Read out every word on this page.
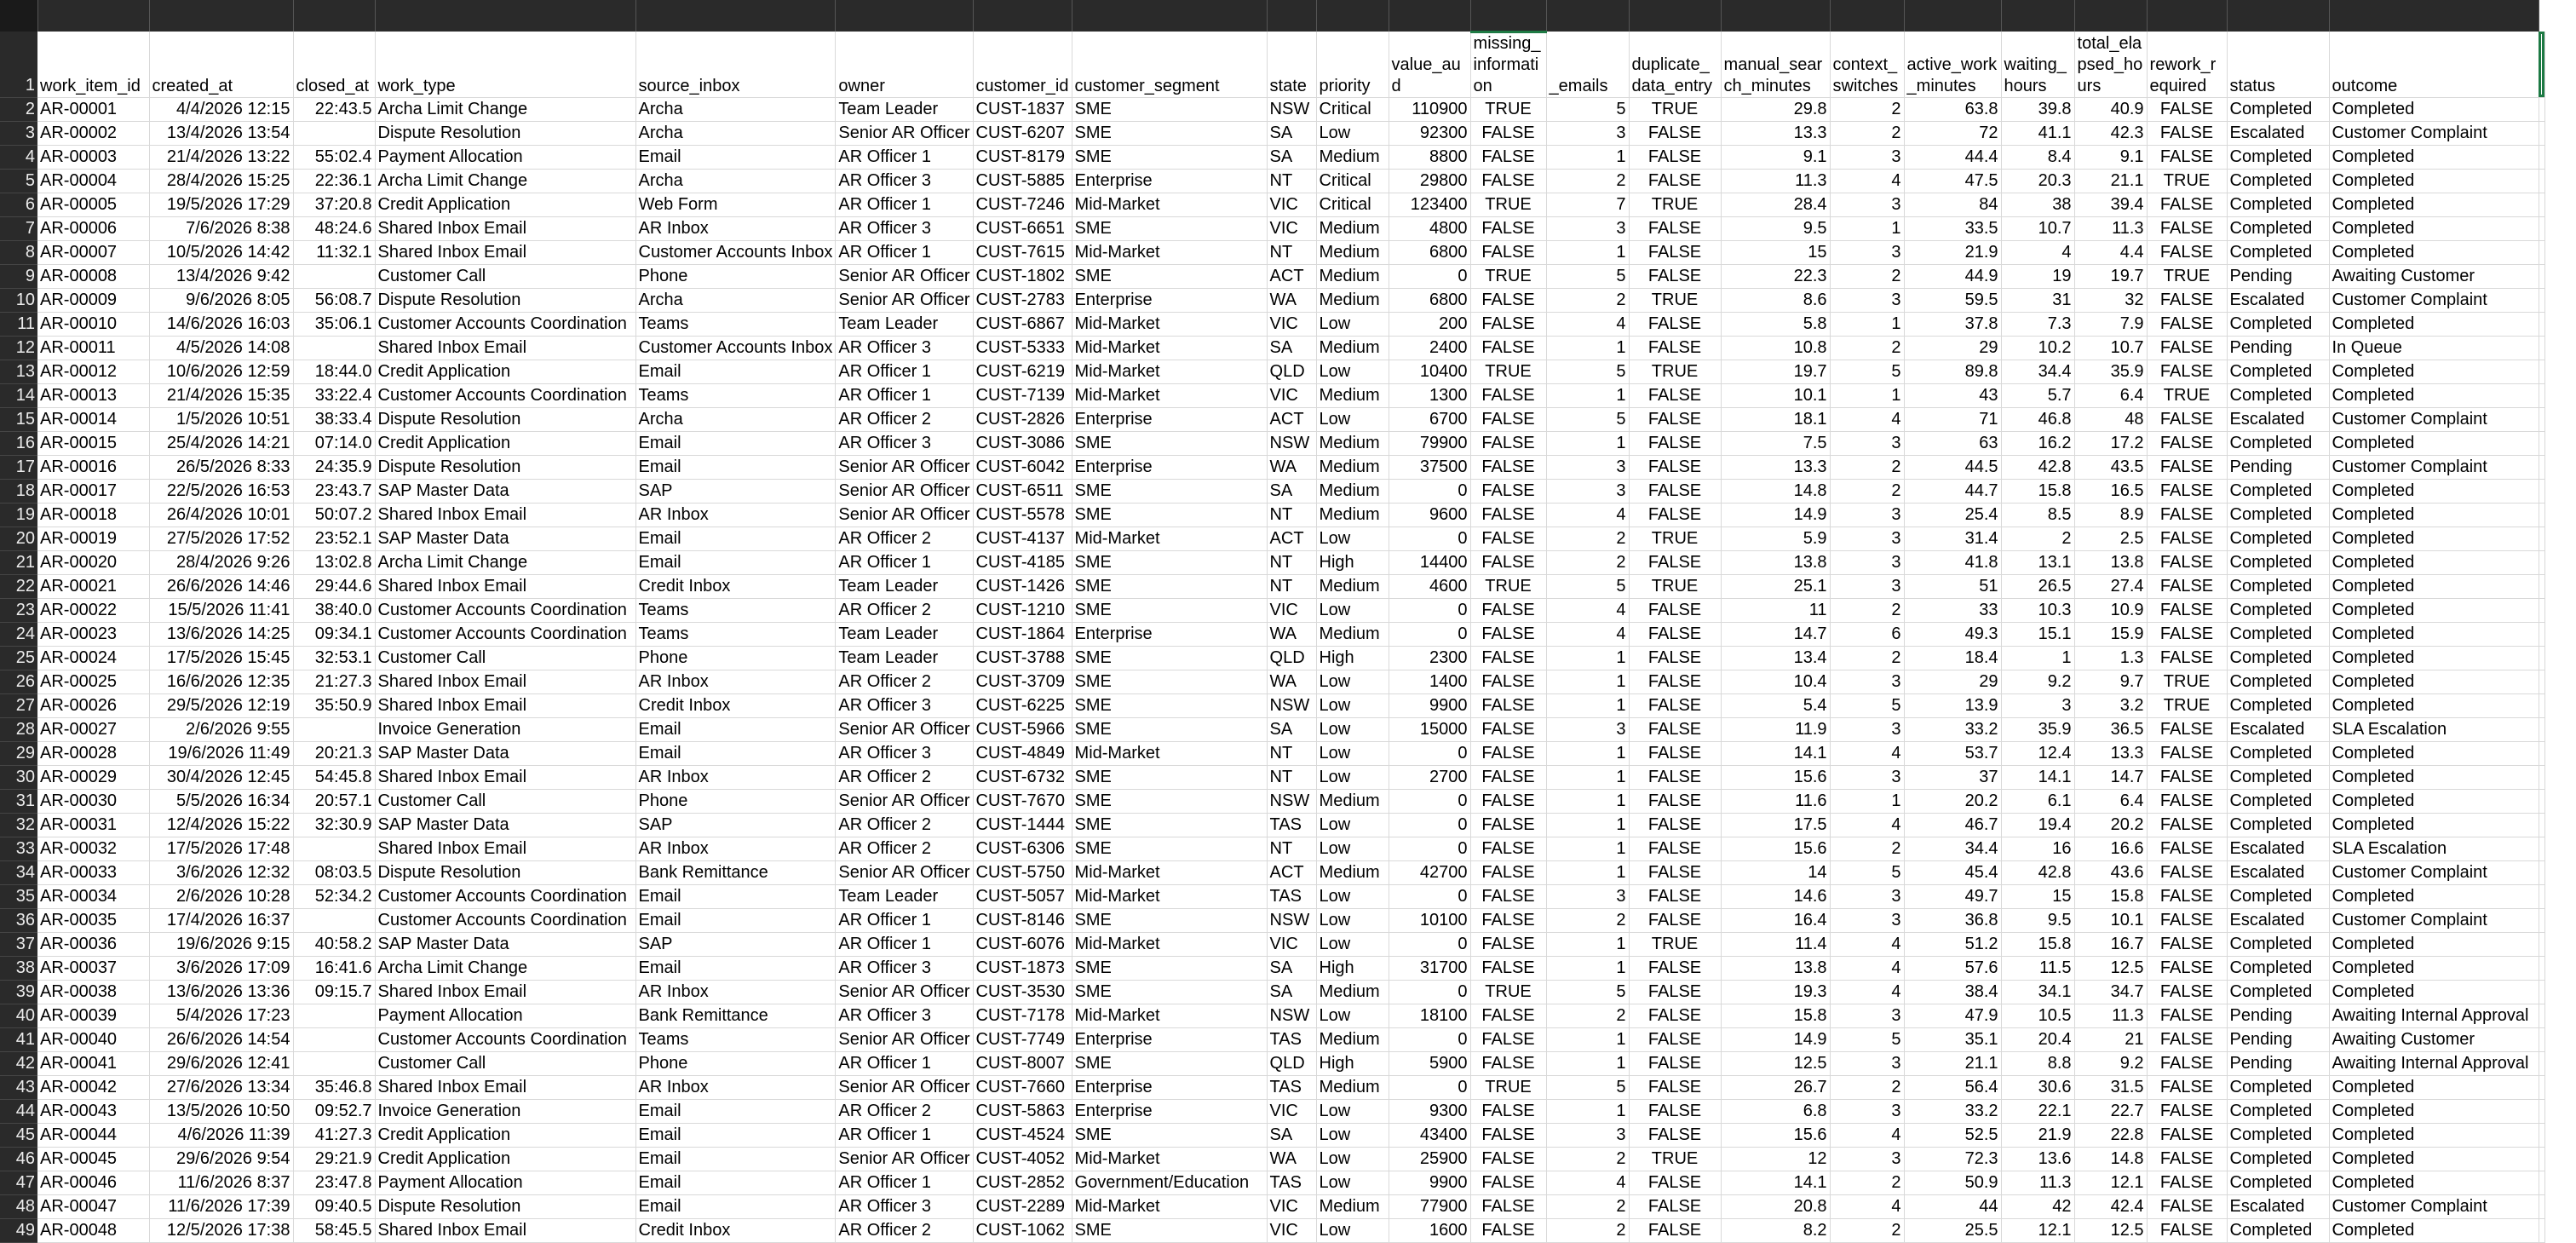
1	work_item_id	created_at	closed_at	work_type	source_inbox	owner	customer_id	customer_segment	state	priority	value_aud	missing_information	_emails	duplicate_data_entry	manual_search_minutes	context_switches	active_work_minutes	waiting_hours	total_elapsed_hours	rework_required	status	outcome	
2	AR-00001	4/4/2026 12:15	22:43.5	Archa Limit Change	Archa	Team Leader	CUST-1837	SME	NSW	Critical	110900	TRUE	5	TRUE	29.8	2	63.8	39.8	40.9	FALSE	Completed	Completed	
3	AR-00002	13/4/2026 13:54		Dispute Resolution	Archa	Senior AR Officer	CUST-6207	SME	SA	Low	92300	FALSE	3	FALSE	13.3	2	72	41.1	42.3	FALSE	Escalated	Customer Complaint	
4	AR-00003	21/4/2026 13:22	55:02.4	Payment Allocation	Email	AR Officer 1	CUST-8179	SME	SA	Medium	8800	FALSE	1	FALSE	9.1	3	44.4	8.4	9.1	FALSE	Completed	Completed	
5	AR-00004	28/4/2026 15:25	22:36.1	Archa Limit Change	Archa	AR Officer 3	CUST-5885	Enterprise	NT	Critical	29800	FALSE	2	FALSE	11.3	4	47.5	20.3	21.1	TRUE	Completed	Completed	
6	AR-00005	19/5/2026 17:29	37:20.8	Credit Application	Web Form	AR Officer 1	CUST-7246	Mid-Market	VIC	Critical	123400	TRUE	7	TRUE	28.4	3	84	38	39.4	FALSE	Completed	Completed	
7	AR-00006	7/6/2026 8:38	48:24.6	Shared Inbox Email	AR Inbox	AR Officer 3	CUST-6651	SME	VIC	Medium	4800	FALSE	3	FALSE	9.5	1	33.5	10.7	11.3	FALSE	Completed	Completed	
8	AR-00007	10/5/2026 14:42	11:32.1	Shared Inbox Email	Customer Accounts Inbox	AR Officer 1	CUST-7615	Mid-Market	NT	Medium	6800	FALSE	1	FALSE	15	3	21.9	4	4.4	FALSE	Completed	Completed	
9	AR-00008	13/4/2026 9:42		Customer Call	Phone	Senior AR Officer	CUST-1802	SME	ACT	Medium	0	TRUE	5	FALSE	22.3	2	44.9	19	19.7	TRUE	Pending	Awaiting Customer	
10	AR-00009	9/6/2026 8:05	56:08.7	Dispute Resolution	Archa	Senior AR Officer	CUST-2783	Enterprise	WA	Medium	6800	FALSE	2	TRUE	8.6	3	59.5	31	32	FALSE	Escalated	Customer Complaint	
11	AR-00010	14/6/2026 16:03	35:06.1	Customer Accounts Coordination	Teams	Team Leader	CUST-6867	Mid-Market	VIC	Low	200	FALSE	4	FALSE	5.8	1	37.8	7.3	7.9	FALSE	Completed	Completed	
12	AR-00011	4/5/2026 14:08		Shared Inbox Email	Customer Accounts Inbox	AR Officer 3	CUST-5333	Mid-Market	SA	Medium	2400	FALSE	1	FALSE	10.8	2	29	10.2	10.7	FALSE	Pending	In Queue	
13	AR-00012	10/6/2026 12:59	18:44.0	Credit Application	Email	AR Officer 1	CUST-6219	Mid-Market	QLD	Low	10400	TRUE	5	TRUE	19.7	5	89.8	34.4	35.9	FALSE	Completed	Completed	
14	AR-00013	21/4/2026 15:35	33:22.4	Customer Accounts Coordination	Teams	AR Officer 1	CUST-7139	Mid-Market	VIC	Medium	1300	FALSE	1	FALSE	10.1	1	43	5.7	6.4	TRUE	Completed	Completed	
15	AR-00014	1/5/2026 10:51	38:33.4	Dispute Resolution	Archa	AR Officer 2	CUST-2826	Enterprise	ACT	Low	6700	FALSE	5	FALSE	18.1	4	71	46.8	48	FALSE	Escalated	Customer Complaint	
16	AR-00015	25/4/2026 14:21	07:14.0	Credit Application	Email	AR Officer 3	CUST-3086	SME	NSW	Medium	79900	FALSE	1	FALSE	7.5	3	63	16.2	17.2	FALSE	Completed	Completed	
17	AR-00016	26/5/2026 8:33	24:35.9	Dispute Resolution	Email	Senior AR Officer	CUST-6042	Enterprise	WA	Medium	37500	FALSE	3	FALSE	13.3	2	44.5	42.8	43.5	FALSE	Pending	Customer Complaint	
18	AR-00017	22/5/2026 16:53	23:43.7	SAP Master Data	SAP	Senior AR Officer	CUST-6511	SME	SA	Medium	0	FALSE	3	FALSE	14.8	2	44.7	15.8	16.5	FALSE	Completed	Completed	
19	AR-00018	26/4/2026 10:01	50:07.2	Shared Inbox Email	AR Inbox	Senior AR Officer	CUST-5578	SME	NT	Medium	9600	FALSE	4	FALSE	14.9	3	25.4	8.5	8.9	FALSE	Completed	Completed	
20	AR-00019	27/5/2026 17:52	23:52.1	SAP Master Data	Email	AR Officer 2	CUST-4137	Mid-Market	ACT	Low	0	FALSE	2	TRUE	5.9	3	31.4	2	2.5	FALSE	Completed	Completed	
21	AR-00020	28/4/2026 9:26	13:02.8	Archa Limit Change	Email	AR Officer 1	CUST-4185	SME	NT	High	14400	FALSE	2	FALSE	13.8	3	41.8	13.1	13.8	FALSE	Completed	Completed	
22	AR-00021	26/6/2026 14:46	29:44.6	Shared Inbox Email	Credit Inbox	Team Leader	CUST-1426	SME	NT	Medium	4600	TRUE	5	TRUE	25.1	3	51	26.5	27.4	FALSE	Completed	Completed	
23	AR-00022	15/5/2026 11:41	38:40.0	Customer Accounts Coordination	Teams	AR Officer 2	CUST-1210	SME	VIC	Low	0	FALSE	4	FALSE	11	2	33	10.3	10.9	FALSE	Completed	Completed	
24	AR-00023	13/6/2026 14:25	09:34.1	Customer Accounts Coordination	Teams	Team Leader	CUST-1864	Enterprise	WA	Medium	0	FALSE	4	FALSE	14.7	6	49.3	15.1	15.9	FALSE	Completed	Completed	
25	AR-00024	17/5/2026 15:45	32:53.1	Customer Call	Phone	Team Leader	CUST-3788	SME	QLD	High	2300	FALSE	1	FALSE	13.4	2	18.4	1	1.3	FALSE	Completed	Completed	
26	AR-00025	16/6/2026 12:35	21:27.3	Shared Inbox Email	AR Inbox	AR Officer 2	CUST-3709	SME	WA	Low	1400	FALSE	1	FALSE	10.4	3	29	9.2	9.7	TRUE	Completed	Completed	
27	AR-00026	29/5/2026 12:19	35:50.9	Shared Inbox Email	Credit Inbox	AR Officer 3	CUST-6225	SME	NSW	Low	9900	FALSE	1	FALSE	5.4	5	13.9	3	3.2	TRUE	Completed	Completed	
28	AR-00027	2/6/2026 9:55		Invoice Generation	Email	Senior AR Officer	CUST-5966	SME	SA	Low	15000	FALSE	3	FALSE	11.9	3	33.2	35.9	36.5	FALSE	Escalated	SLA Escalation	
29	AR-00028	19/6/2026 11:49	20:21.3	SAP Master Data	Email	AR Officer 3	CUST-4849	Mid-Market	NT	Low	0	FALSE	1	FALSE	14.1	4	53.7	12.4	13.3	FALSE	Completed	Completed	
30	AR-00029	30/4/2026 12:45	54:45.8	Shared Inbox Email	AR Inbox	AR Officer 2	CUST-6732	SME	NT	Low	2700	FALSE	1	FALSE	15.6	3	37	14.1	14.7	FALSE	Completed	Completed	
31	AR-00030	5/5/2026 16:34	20:57.1	Customer Call	Phone	Senior AR Officer	CUST-7670	SME	NSW	Medium	0	FALSE	1	FALSE	11.6	1	20.2	6.1	6.4	FALSE	Completed	Completed	
32	AR-00031	12/4/2026 15:22	32:30.9	SAP Master Data	SAP	AR Officer 2	CUST-1444	SME	TAS	Low	0	FALSE	1	FALSE	17.5	4	46.7	19.4	20.2	FALSE	Completed	Completed	
33	AR-00032	17/5/2026 17:48		Shared Inbox Email	AR Inbox	AR Officer 2	CUST-6306	SME	NT	Low	0	FALSE	1	FALSE	15.6	2	34.4	16	16.6	FALSE	Escalated	SLA Escalation	
34	AR-00033	3/6/2026 12:32	08:03.5	Dispute Resolution	Bank Remittance	Senior AR Officer	CUST-5750	Mid-Market	ACT	Medium	42700	FALSE	1	FALSE	14	5	45.4	42.8	43.6	FALSE	Escalated	Customer Complaint	
35	AR-00034	2/6/2026 10:28	52:34.2	Customer Accounts Coordination	Email	Team Leader	CUST-5057	Mid-Market	TAS	Low	0	FALSE	3	FALSE	14.6	3	49.7	15	15.8	FALSE	Completed	Completed	
36	AR-00035	17/4/2026 16:37		Customer Accounts Coordination	Email	AR Officer 1	CUST-8146	SME	NSW	Low	10100	FALSE	2	FALSE	16.4	3	36.8	9.5	10.1	FALSE	Escalated	Customer Complaint	
37	AR-00036	19/6/2026 9:15	40:58.2	SAP Master Data	SAP	AR Officer 1	CUST-6076	Mid-Market	VIC	Low	0	FALSE	1	TRUE	11.4	4	51.2	15.8	16.7	FALSE	Completed	Completed	
38	AR-00037	3/6/2026 17:09	16:41.6	Archa Limit Change	Email	AR Officer 3	CUST-1873	SME	SA	High	31700	FALSE	1	FALSE	13.8	4	57.6	11.5	12.5	FALSE	Completed	Completed	
39	AR-00038	13/6/2026 13:36	09:15.7	Shared Inbox Email	AR Inbox	Senior AR Officer	CUST-3530	SME	SA	Medium	0	TRUE	5	FALSE	19.3	4	38.4	34.1	34.7	FALSE	Completed	Completed	
40	AR-00039	5/4/2026 17:23		Payment Allocation	Bank Remittance	AR Officer 3	CUST-7178	Mid-Market	NSW	Low	18100	FALSE	2	FALSE	15.8	3	47.9	10.5	11.3	FALSE	Pending	Awaiting Internal Approval	
41	AR-00040	26/6/2026 14:54		Customer Accounts Coordination	Teams	Senior AR Officer	CUST-7749	Enterprise	TAS	Medium	0	FALSE	1	FALSE	14.9	5	35.1	20.4	21	FALSE	Pending	Awaiting Customer	
42	AR-00041	29/6/2026 12:41		Customer Call	Phone	AR Officer 1	CUST-8007	SME	QLD	High	5900	FALSE	1	FALSE	12.5	3	21.1	8.8	9.2	FALSE	Pending	Awaiting Internal Approval	
43	AR-00042	27/6/2026 13:34	35:46.8	Shared Inbox Email	AR Inbox	Senior AR Officer	CUST-7660	Enterprise	TAS	Medium	0	TRUE	5	FALSE	26.7	2	56.4	30.6	31.5	FALSE	Completed	Completed	
44	AR-00043	13/5/2026 10:50	09:52.7	Invoice Generation	Email	AR Officer 2	CUST-5863	Enterprise	VIC	Low	9300	FALSE	1	FALSE	6.8	3	33.2	22.1	22.7	FALSE	Completed	Completed	
45	AR-00044	4/6/2026 11:39	41:27.3	Credit Application	Email	AR Officer 1	CUST-4524	SME	SA	Low	43400	FALSE	3	FALSE	15.6	4	52.5	21.9	22.8	FALSE	Completed	Completed	
46	AR-00045	29/6/2026 9:54	29:21.9	Credit Application	Email	Senior AR Officer	CUST-4052	Mid-Market	WA	Low	25900	FALSE	2	TRUE	12	3	72.3	13.6	14.8	FALSE	Completed	Completed	
47	AR-00046	11/6/2026 8:37	23:47.8	Payment Allocation	Email	AR Officer 1	CUST-2852	Government/Education	TAS	Low	9900	FALSE	4	FALSE	14.1	2	50.9	11.3	12.1	FALSE	Completed	Completed	
48	AR-00047	11/6/2026 17:39	09:40.5	Dispute Resolution	Email	AR Officer 3	CUST-2289	Mid-Market	VIC	Medium	77900	FALSE	2	FALSE	20.8	4	44	42	42.4	FALSE	Escalated	Customer Complaint	
49	AR-00048	12/5/2026 17:38	58:45.5	Shared Inbox Email	Credit Inbox	AR Officer 2	CUST-1062	SME	VIC	Low	1600	FALSE	2	FALSE	8.2	2	25.5	12.1	12.5	FALSE	Completed	Completed	
